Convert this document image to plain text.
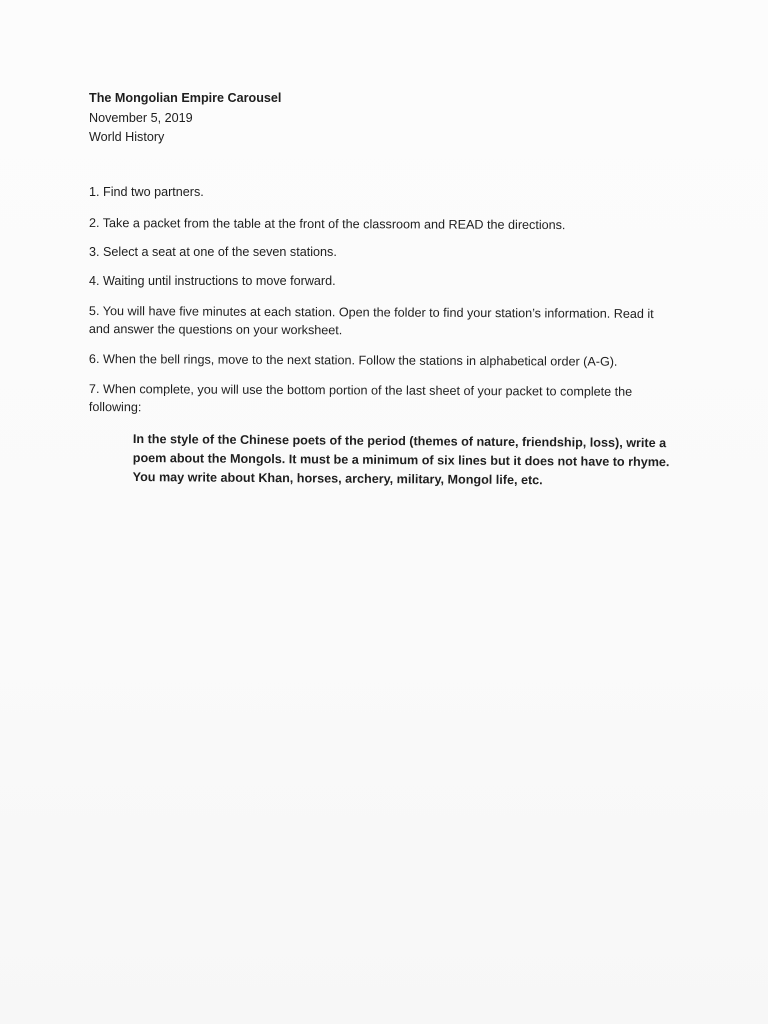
The Mongolian Empire Carousel
November 5, 2019
World History
1. Find two partners.
2. Take a packet from the table at the front of the classroom and READ the directions.
3. Select a seat at one of the seven stations.
4. Waiting until instructions to move forward.
5. You will have five minutes at each station. Open the folder to find your station’s information. Read it
and answer the questions on your worksheet.
6. When the bell rings, move to the next station. Follow the stations in alphabetical order (A-G).
7. When complete, you will use the bottom portion of the last sheet of your packet to complete the
following:
In the style of the Chinese poets of the period (themes of nature, friendship, loss), write a
poem about the Mongols. It must be a minimum of six lines but it does not have to rhyme.
You may write about Khan, horses, archery, military, Mongol life, etc.
